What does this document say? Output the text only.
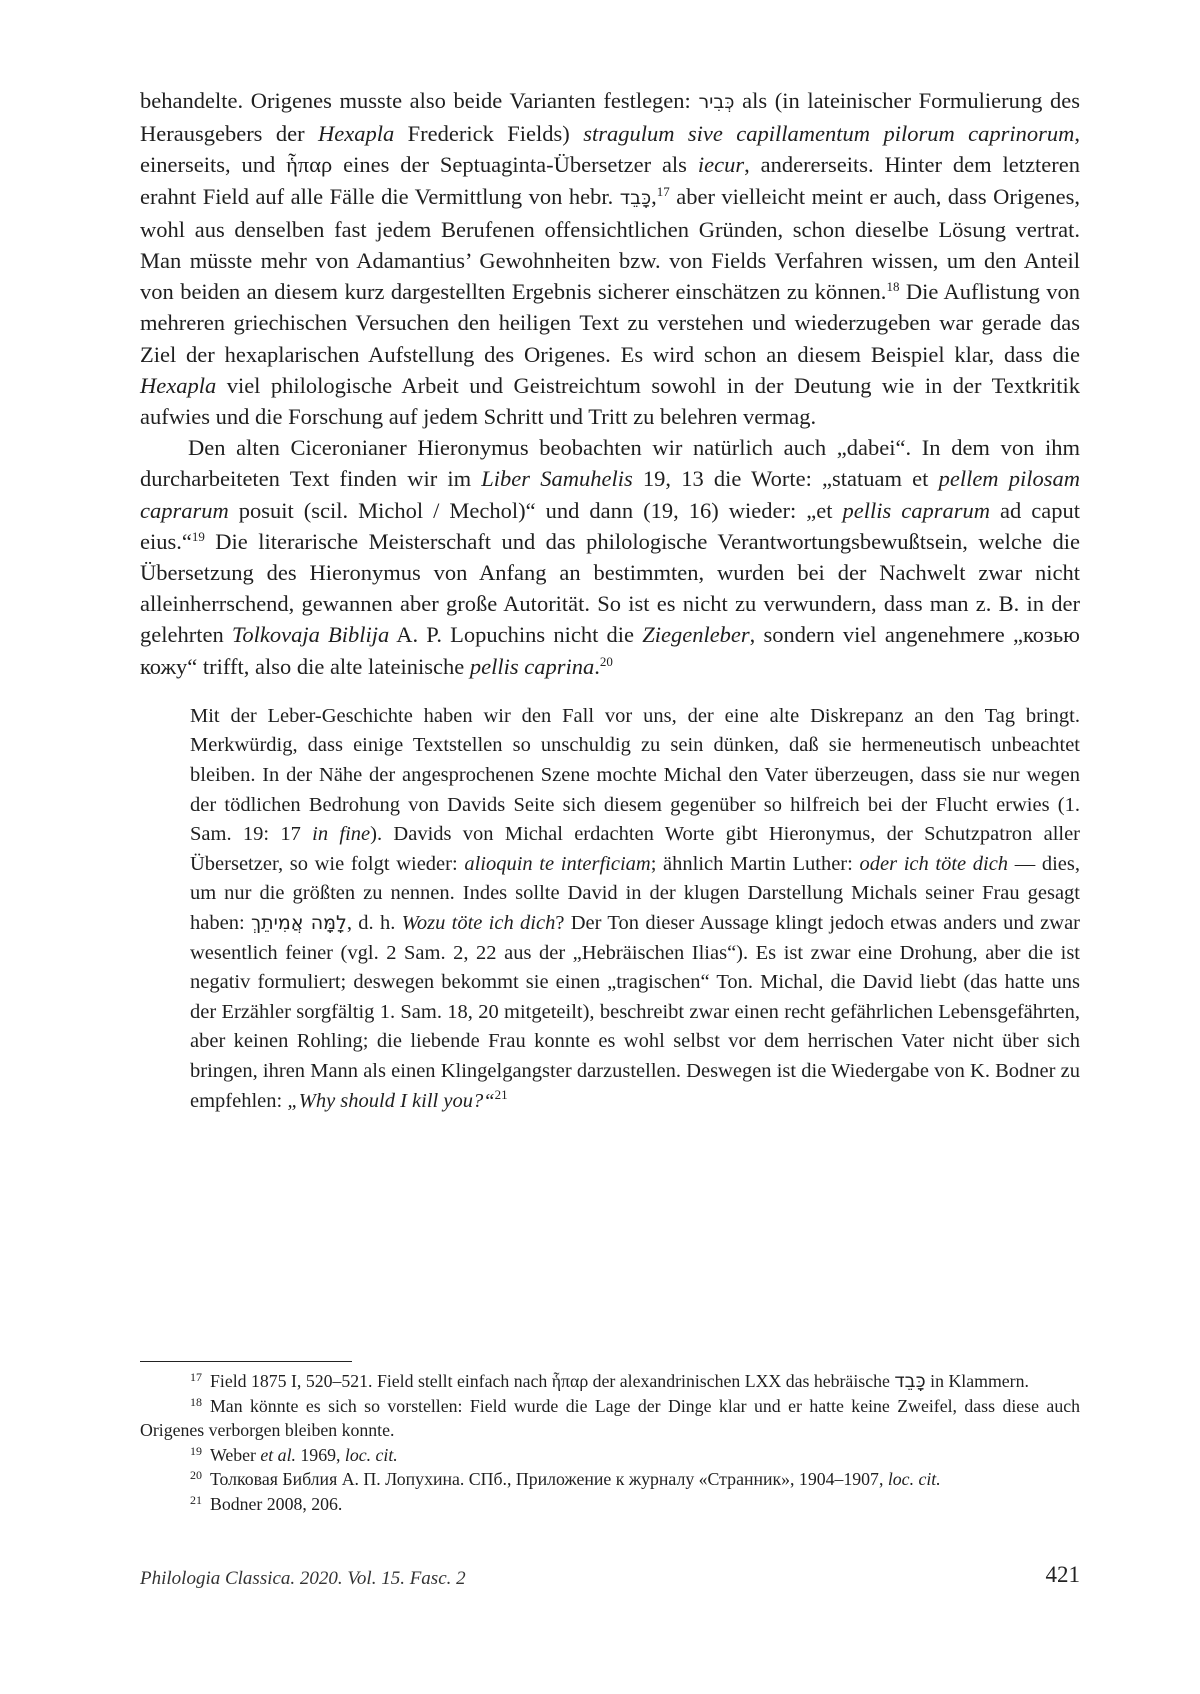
behandelte. Origenes musste also beide Varianten festlegen: כְּבִיר als (in lateinischer Formulierung des Herausgebers der Hexapla Frederick Fields) stragulum sive capillamentum pilorum caprinorum, einerseits, und ἧπαρ eines der Septuaginta-Übersetzer als iecur, andererseits. Hinter dem letzteren erahnt Field auf alle Fälle die Vermittlung von hebr. כָּבֵד,$^{17}$ aber vielleicht meint er auch, dass Origenes, wohl aus denselben fast jedem Berufenen offensichtlichen Gründen, schon dieselbe Lösung vertrat. Man müsste mehr von Adamantius’ Gewohnheiten bzw. von Fields Verfahren wissen, um den Anteil von beiden an diesem kurz dargestellten Ergebnis sicherer einschätzen zu können.$^{18}$ Die Auflistung von mehreren griechischen Versuchen den heiligen Text zu verstehen und wiederzugeben war gerade das Ziel der hexaplarischen Aufstellung des Origenes. Es wird schon an diesem Beispiel klar, dass die Hexapla viel philologische Arbeit und Geistreichtum sowohl in der Deutung wie in der Textkritik aufwies und die Forschung auf jedem Schritt und Tritt zu belehren vermag.

Den alten Ciceronianer Hieronymus beobachten wir natürlich auch „dabei“. In dem von ihm durcharbeiteten Text finden wir im Liber Samuhelis 19, 13 die Worte: „statuam et pellem pilosam caprarum posuit (scil. Michol / Mechol)“ und dann (19, 16) wieder: „et pellis caprarum ad caput eius.“$^{19}$ Die literarische Meisterschaft und das philologische Verantwortungsbewußtsein, welche die Übersetzung des Hieronymus von Anfang an bestimmten, wurden bei der Nachwelt zwar nicht alleinherrschend, gewannen aber große Autorität. So ist es nicht zu verwundern, dass man z. B. in der gelehrten Tolkovaja Biblija A. P. Lopuchins nicht die Ziegenleber, sondern viel angenehmere „козью кожу“ trifft, also die alte lateinische pellis caprina.$^{20}$

Mit der Leber-Geschichte haben wir den Fall vor uns, der eine alte Diskrepanz an den Tag bringt. Merkwürdig, dass einige Textstellen so unschuldig zu sein dünken, daß sie hermeneutisch unbeachtet bleiben. In der Nähe der angesprochenen Szene mochte Michal den Vater überzeugen, dass sie nur wegen der tödlichen Bedrohung von Davids Seite sich diesem gegenüber so hilfreich bei der Flucht erwies (1. Sam. 19: 17 in fine). Davids von Michal erdachten Worte gibt Hieronymus, der Schutzpatron aller Übersetzer, so wie folgt wieder: alioquin te interficiam; ähnlich Martin Luther: oder ich töte dich — dies, um nur die größten zu nennen. Indes sollte David in der klugen Darstellung Michals seiner Frau gesagt haben: לָמָּה אֲמִיתֵךְ, d. h. Wozu töte ich dich? Der Ton dieser Aussage klingt jedoch etwas anders und zwar wesentlich feiner (vgl. 2 Sam. 2, 22 aus der „Hebräischen Ilias“). Es ist zwar eine Drohung, aber die ist negativ formuliert; deswegen bekommt sie einen „tragischen“ Ton. Michal, die David liebt (das hatte uns der Erzähler sorgfältig 1. Sam. 18, 20 mitgeteilt), beschreibt zwar einen recht gefährlichen Lebensgefährten, aber keinen Rohling; die liebende Frau konnte es wohl selbst vor dem herrischen Vater nicht über sich bringen, ihren Mann als einen Klingelgangster darzustellen. Deswegen ist die Wiedergabe von K. Bodner zu empfehlen: „Why should I kill you?“$^{21}$

$^{17}$ Field 1875 I, 520–521. Field stellt einfach nach ἧπαρ der alexandrinischen LXX das hebräische כָּבֵד in Klammern.

$^{18}$ Man könnte es sich so vorstellen: Field wurde die Lage der Dinge klar und er hatte keine Zweifel, dass diese auch Origenes verborgen bleiben konnte.

$^{19}$ Weber et al. 1969, loc. cit.

$^{20}$ Толковая Библия А. П. Лопухина. СПб., Приложение к журналу «Странник», 1904–1907, loc. cit.

$^{21}$ Bodner 2008, 206.

Philologia Classica. 2020. Vol. 15. Fasc. 2	421
